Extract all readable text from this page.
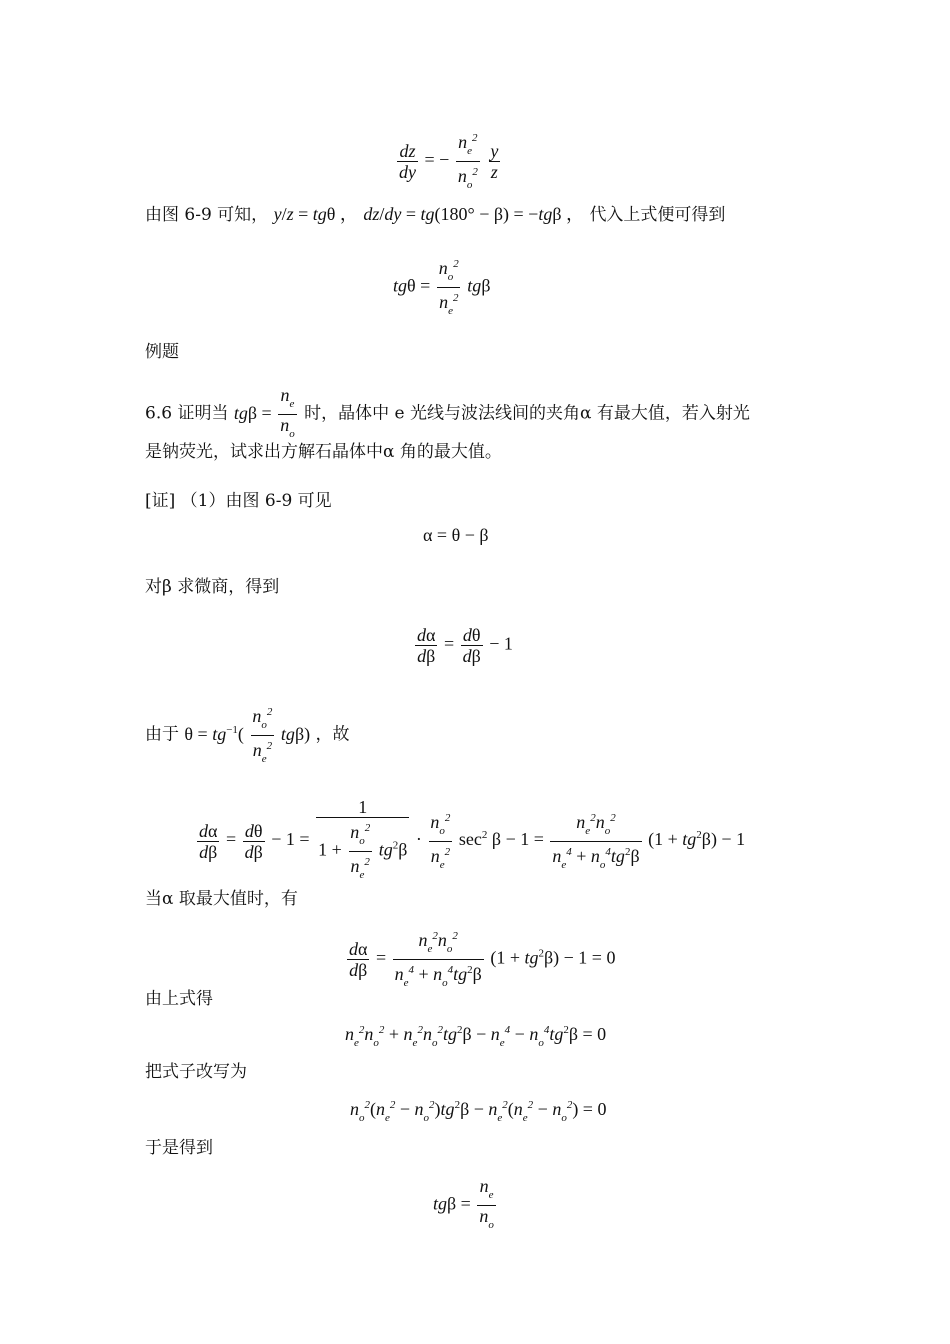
$\frac{dz}{dy}$ = − $\frac{n_e^2}{n_o^2}$
$\frac{y}{z}$
由图 6-9 可知， y/z = tgθ ， dz/dy = tg(180° − β) = −tgβ ， 代入上式便可得到
$tg\theta = \frac{n_o^2}{n_e^2}$ tgβ
例题
6.6 证明当 $tg\beta = \frac{n_e}{n_o}$ 时，晶体中 e 光线与波法线间的夹角α 有最大值，若入射光
是钠荧光，试求出方解石晶体中α 角的最大值。
[证] （1）由图 6-9 可见
α = θ − β
对β 求微商，得到
$\frac{d\alpha}{d\beta} = \frac{d\theta}{d\beta} - 1$
由于 $\theta = tg^{-1}( \frac{n_o^2}{n_e^2} tg\beta)$ ，故
$\frac{d\alpha}{d\beta} = \frac{d\theta}{d\beta} - 1 = \frac{1}{1 + \frac{n_o^2}{n_e^2} tg^2\beta} \cdot \frac{n_o^2}{n_e^2} \sec^2 \beta - 1 = \frac{n_e^2n_o^2}{n_e^4 + n_o^4tg^2\beta} (1 + tg^2\beta) - 1$
当α 取最大值时，有
$\frac{d\alpha}{d\beta} = \frac{n_e^2n_o^2}{n_e^4 + n_o^4tg^2\beta} (1 + tg^2\beta) - 1 = 0$
由上式得
$n_e^2n_o^2 + n_e^2n_o^2tg^2\beta - n_e^4 - n_o^4tg^2\beta = 0$
把式子改写为
$n_o^2(n_e^2 - n_o^2)tg^2\beta - n_e^2(n_e^2 - n_o^2) = 0$
于是得到
$tg\beta = \frac{n_e}{n_o}$
